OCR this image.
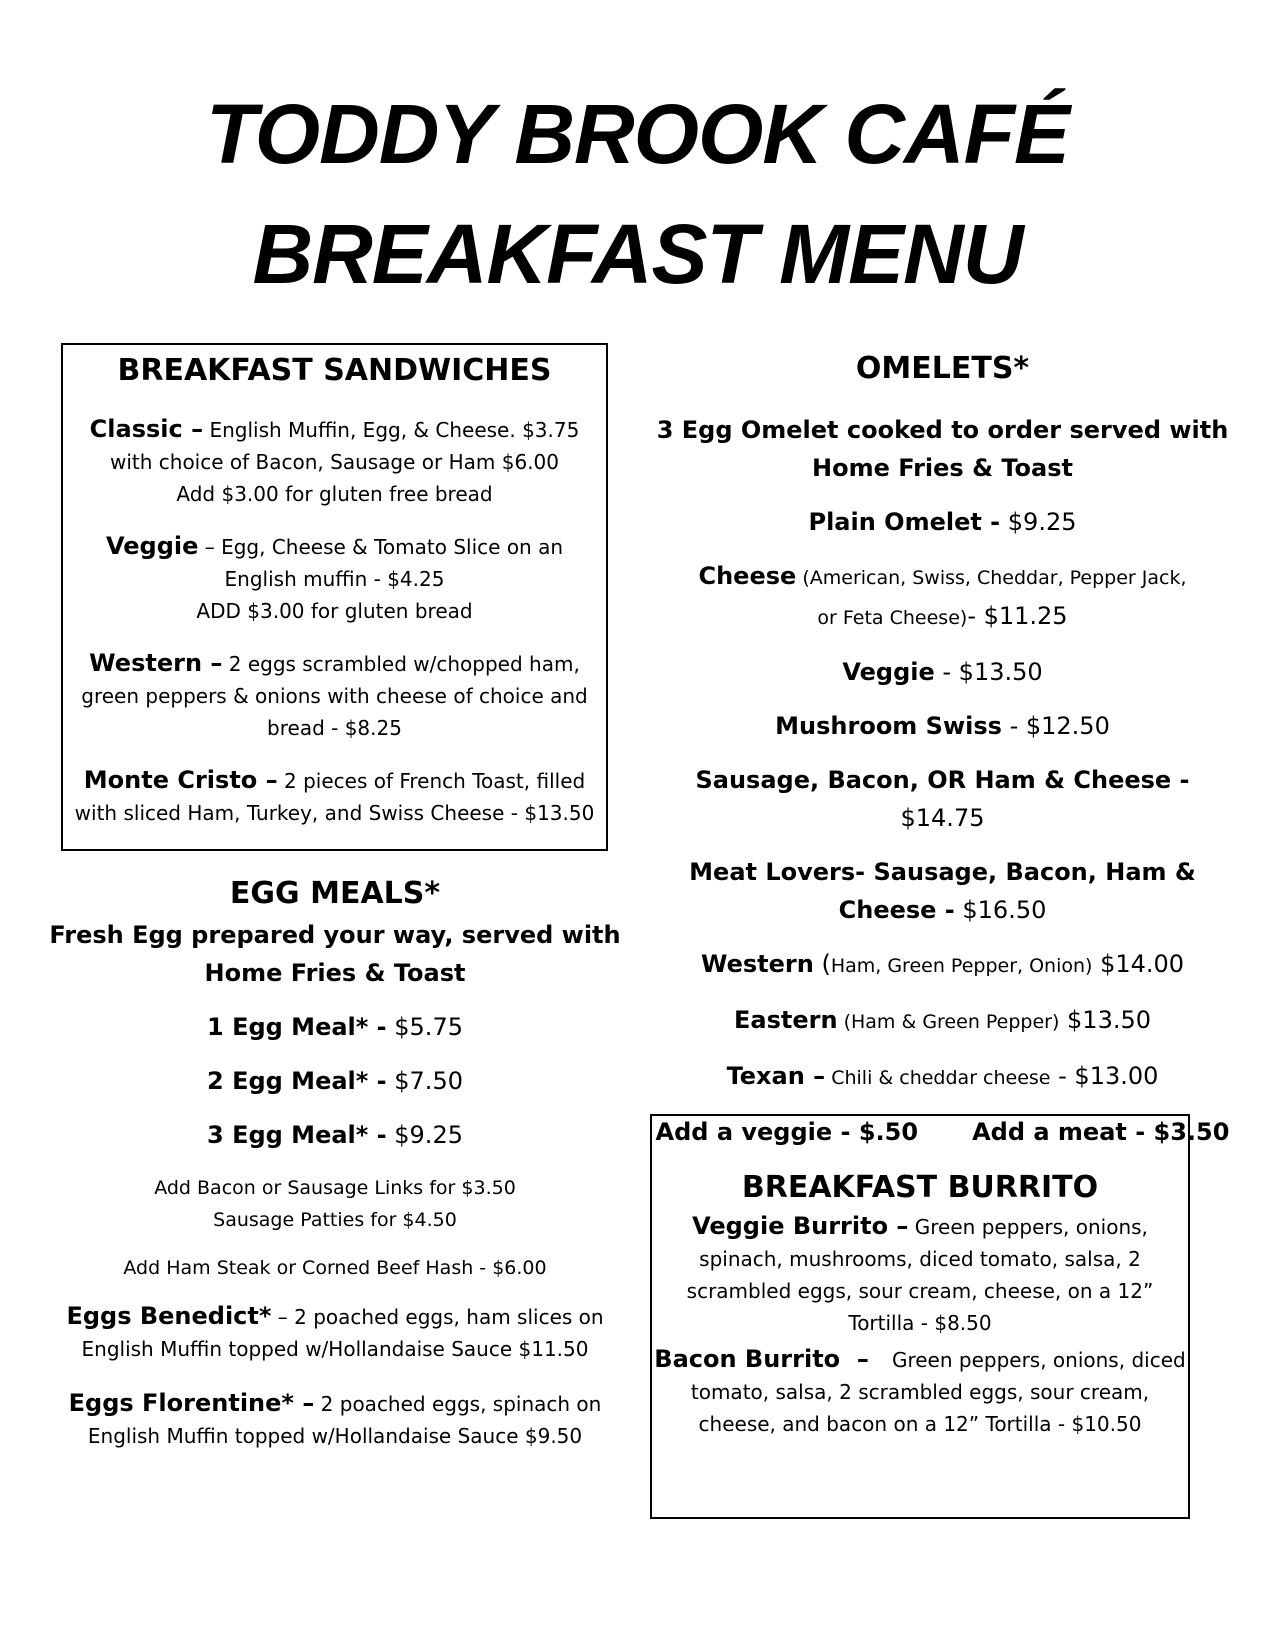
TODDY BROOK CAFÉ
BREAKFAST MENU

BREAKFAST SANDWICHES

Classic – English Muffin, Egg, & Cheese. $3.75

with choice of Bacon, Sausage or Ham $6.00

Add $3.00 for gluten free bread

Veggie – Egg, Cheese & Tomato Slice on an

English muffin - $4.25

ADD $3.00 for gluten bread

Western – 2 eggs scrambled w/chopped ham,

green peppers & onions with cheese of choice and

bread - $8.25

Monte Cristo – 2 pieces of French Toast, filled

with sliced Ham, Turkey, and Swiss Cheese - $13.50

EGG MEALS*

Fresh Egg prepared your way, served with

Home Fries & Toast

1 Egg Meal* - $5.75

2 Egg Meal* - $7.50

3 Egg Meal* - $9.25

Add Bacon or Sausage Links for $3.50

Sausage Patties for $4.50

Add Ham Steak or Corned Beef Hash - $6.00

Eggs Benedict* – 2 poached eggs, ham slices on

English Muffin topped w/Hollandaise Sauce $11.50

Eggs Florentine* – 2 poached eggs, spinach on

English Muffin topped w/Hollandaise Sauce $9.50

OMELETS*

3 Egg Omelet cooked to order served with

Home Fries & Toast

Plain Omelet - $9.25

Cheese (American, Swiss, Cheddar, Pepper Jack,

or Feta Cheese)- $11.25

Veggie - $13.50

Mushroom Swiss - $12.50

Sausage, Bacon, OR Ham & Cheese - $14.75

Meat Lovers- Sausage, Bacon, Ham &

Cheese - $16.50

Western (Ham, Green Pepper, Onion) $14.00

Eastern (Ham & Green Pepper) $13.50

Texan – Chili & cheddar cheese - $13.00

Add a veggie - $.50 Add a meat - $3.50

BREAKFAST BURRITO

Veggie Burrito – Green peppers, onions,

spinach, mushrooms, diced tomato, salsa, 2

scrambled eggs, sour cream, cheese, on a 12”

Tortilla - $8.50

Bacon Burrito  –   Green peppers, onions, diced

tomato, salsa, 2 scrambled eggs, sour cream,

cheese, and bacon on a 12” Tortilla - $10.50
